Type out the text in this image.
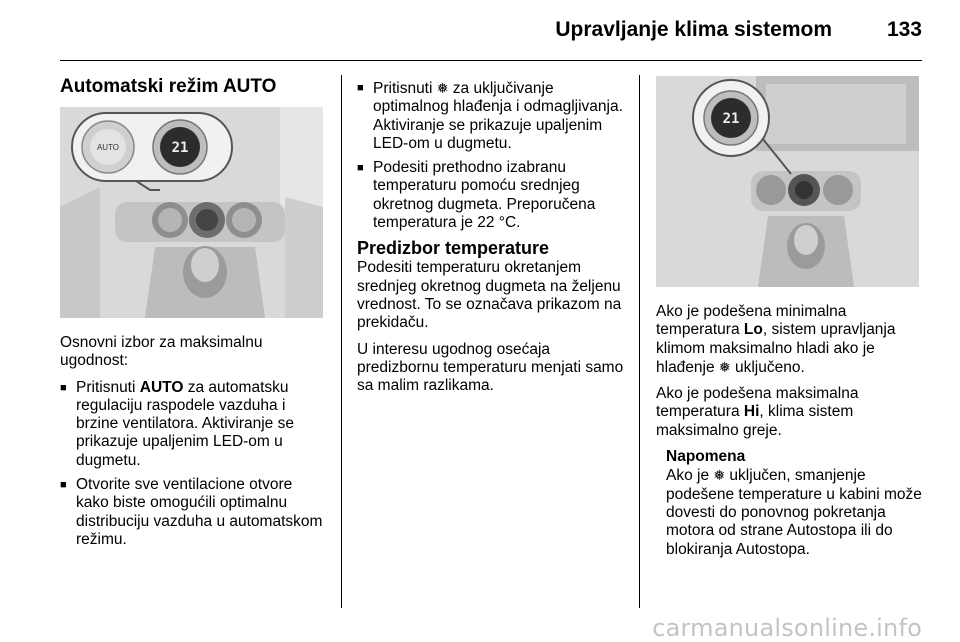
Upravljanje klima sistemom	133
Automatski režim AUTO
AUTO	21

Osnovni izbor za maksimalnu ugodnost:

■ Pritisnuti AUTO za automatsku regulaciju raspodele vazduha i brzine ventilatora. Aktiviranje se prikazuje upaljenim LED-om u dugmetu.
■ Otvorite sve ventilacione otvore kako biste omogućili optimalnu distribuciju vazduha u automatskom režimu.
■ Pritisnuti ❅ za uključivanje optimalnog hlađenja i odmagljivanja. Aktiviranje se prikazuje upaljenim LED-om u dugmetu.
■ Podesiti prethodno izabranu temperaturu pomoću srednjeg okretnog dugmeta. Preporučena temperatura je 22 °C.
Predizbor temperature

Podesiti temperaturu okretanjem srednjeg okretnog dugmeta na željenu vrednost. To se označava prikazom na prekidaču.

U interesu ugodnog osećaja predizbornu temperaturu menjati samo sa malim razlikama.

21

Ako je podešena minimalna temperatura Lo, sistem upravljanja klimom maksimalno hladi ako je hlađenje ❅ uključeno.

Ako je podešena maksimalna temperatura Hi, klima sistem maksimalno greje.

Napomena
Ako je ❅ uključen, smanjenje podešene temperature u kabini može dovesti do ponovnog pokretanja motora od strane Autostopa ili do blokiranja Autostopa.
carmanualsonline.info
